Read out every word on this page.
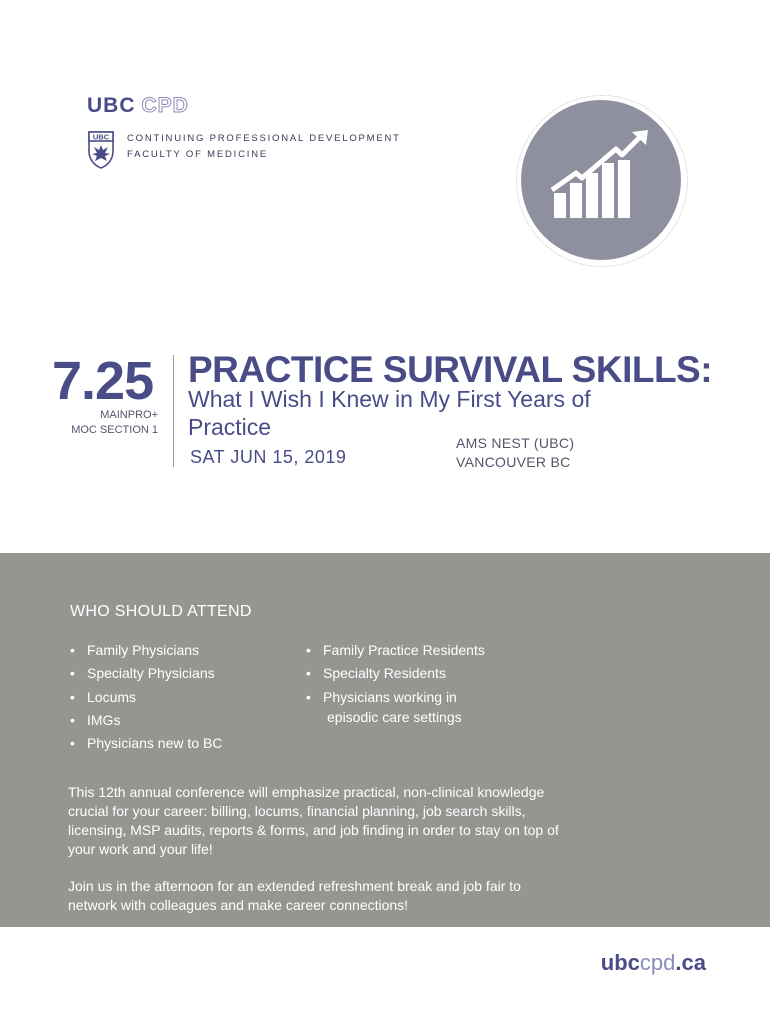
UBC CPD
UBC CONTINUING PROFESSIONAL DEVELOPMENT
FACULTY OF MEDICINE
7.25
MAINPRO+
MOC SECTION 1
PRACTICE SURVIVAL SKILLS:
What I Wish I Knew in My First Years of Practice
SAT JUN 15, 2019
AMS NEST (UBC)
VANCOUVER BC
WHO SHOULD ATTEND
• Family Physicians
• Specialty Physicians
• Locums
• IMGs
• Physicians new to BC
• Family Practice Residents
• Specialty Residents
• Physicians working in
episodic care settings

This 12th annual conference will emphasize practical, non-clinical knowledge crucial for your career: billing, locums, financial planning, job search skills, licensing, MSP audits, reports & forms, and job finding in order to stay on top of your work and your life!

Join us in the afternoon for an extended refreshment break and job fair to network with colleagues and make career connections!

ubccpd.ca
